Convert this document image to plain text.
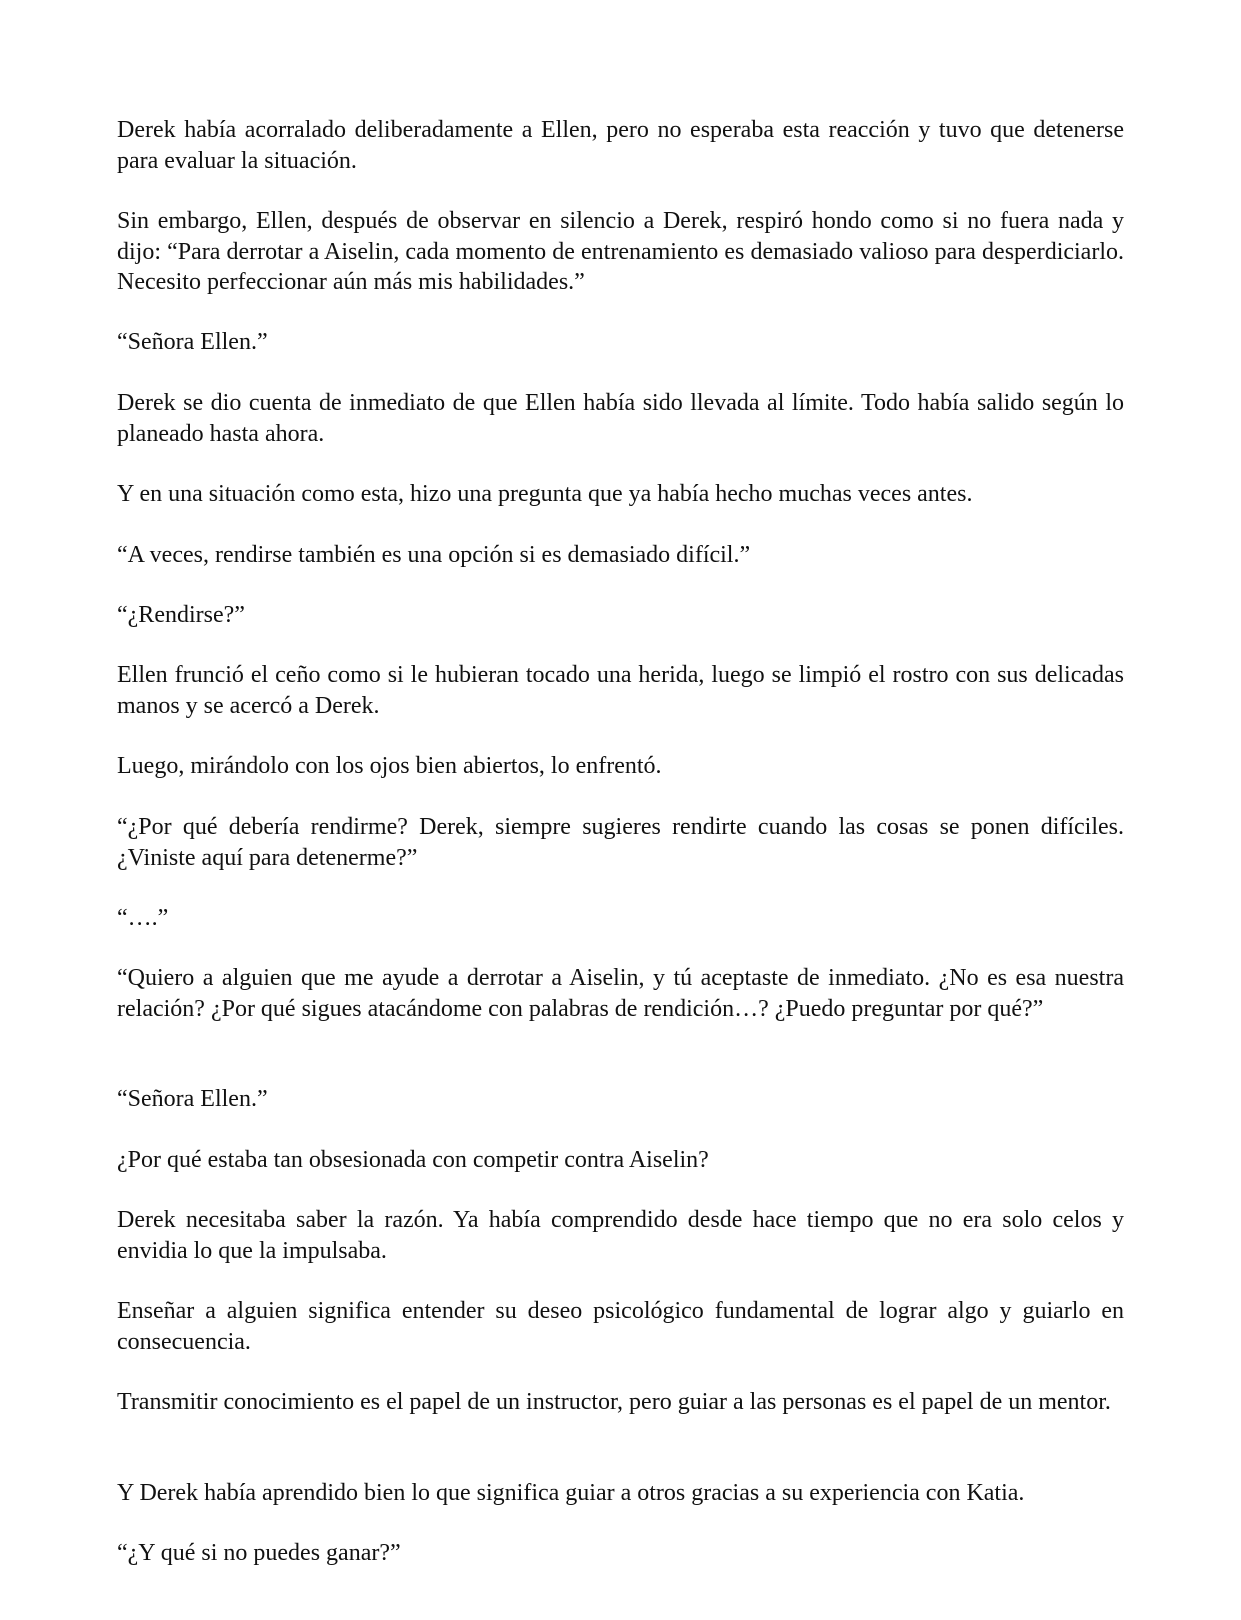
Derek había acorralado deliberadamente a Ellen, pero no esperaba esta reacción y tuvo que detenerse para evaluar la situación.

Sin embargo, Ellen, después de observar en silencio a Derek, respiró hondo como si no fuera nada y dijo: “Para derrotar a Aiselin, cada momento de entrenamiento es demasiado valioso para desperdiciarlo. Necesito perfeccionar aún más mis habilidades.”

“Señora Ellen.”

Derek se dio cuenta de inmediato de que Ellen había sido llevada al límite. Todo había salido según lo planeado hasta ahora.

Y en una situación como esta, hizo una pregunta que ya había hecho muchas veces antes.

“A veces, rendirse también es una opción si es demasiado difícil.”

“¿Rendirse?”

Ellen frunció el ceño como si le hubieran tocado una herida, luego se limpió el rostro con sus delicadas manos y se acercó a Derek.

Luego, mirándolo con los ojos bien abiertos, lo enfrentó.

“¿Por qué debería rendirme? Derek, siempre sugieres rendirte cuando las cosas se ponen difíciles. ¿Viniste aquí para detenerme?”

“….”

“Quiero a alguien que me ayude a derrotar a Aiselin, y tú aceptaste de inmediato. ¿No es esa nuestra relación? ¿Por qué sigues atacándome con palabras de rendición…? ¿Puedo preguntar por qué?”

“Señora Ellen.”

¿Por qué estaba tan obsesionada con competir contra Aiselin?

Derek necesitaba saber la razón. Ya había comprendido desde hace tiempo que no era solo celos y envidia lo que la impulsaba.

Enseñar a alguien significa entender su deseo psicológico fundamental de lograr algo y guiarlo en consecuencia.

Transmitir conocimiento es el papel de un instructor, pero guiar a las personas es el papel de un mentor.

Y Derek había aprendido bien lo que significa guiar a otros gracias a su experiencia con Katia.

“¿Y qué si no puedes ganar?”
